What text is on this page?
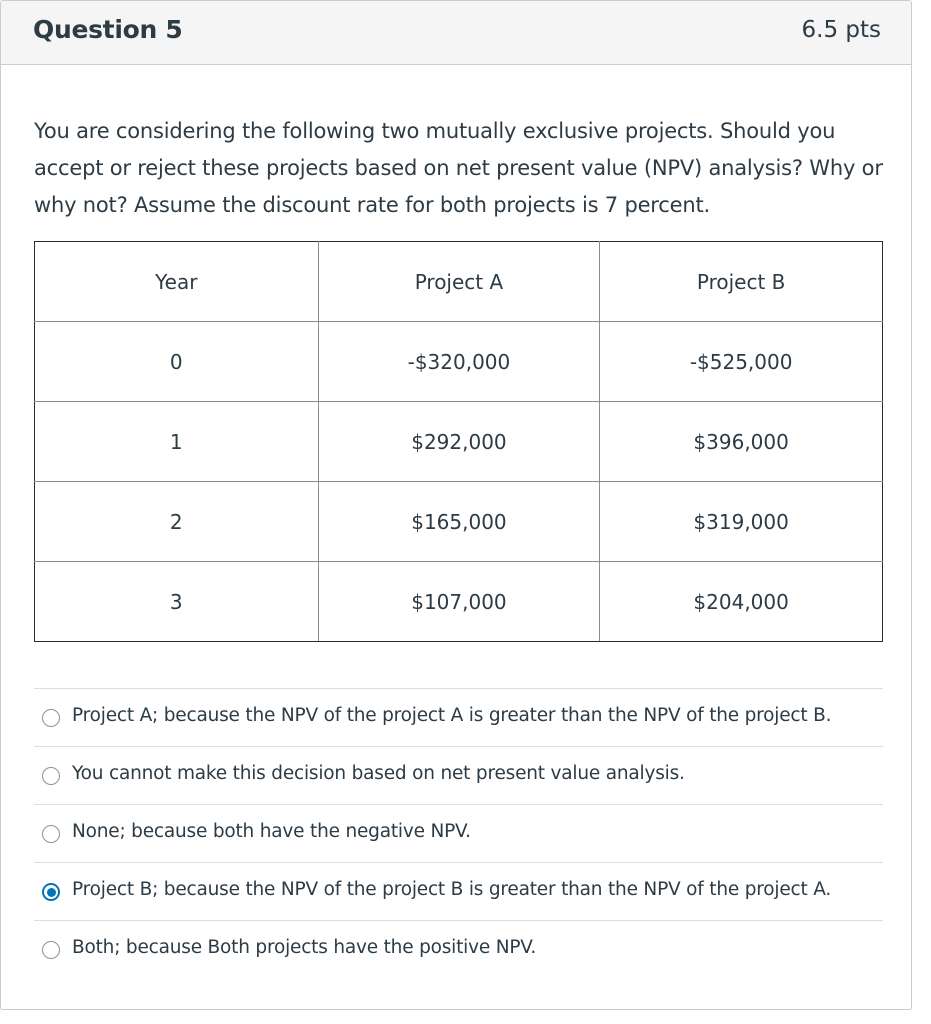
Question 5	6.5 pts
You are considering the following two mutually exclusive projects. Should you accept or reject these projects based on net present value (NPV) analysis? Why or why not? Assume the discount rate for both projects is 7 percent.
Year	Project A	Project B
0	-$320,000	-$525,000
1	$292,000	$396,000
2	$165,000	$319,000
3	$107,000	$204,000
Project A; because the NPV of the project A is greater than the NPV of the project B.
You cannot make this decision based on net present value analysis.
None; because both have the negative NPV.
Project B; because the NPV of the project B is greater than the NPV of the project A.
Both; because Both projects have the positive NPV.
